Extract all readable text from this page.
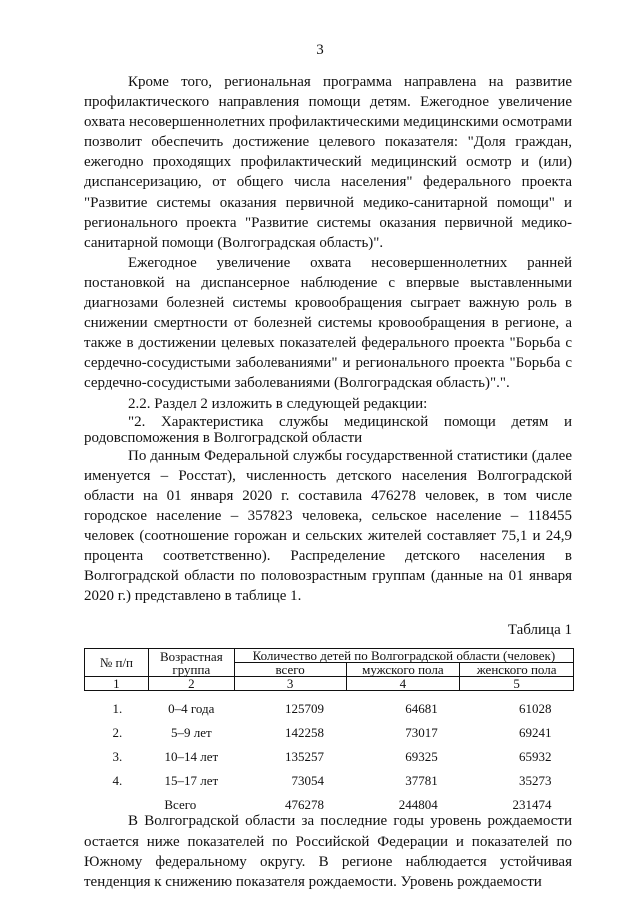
3

Кроме того, региональная программа направлена на развитие профилактического направления помощи детям. Ежегодное увеличение охвата несовершеннолетних профилактическими медицинскими осмотрами позволит обеспечить достижение целевого показателя: "Доля граждан, ежегодно проходящих профилактический медицинский осмотр и (или) диспансеризацию, от общего числа населения" федерального проекта "Развитие системы оказания первичной медико-санитарной помощи" и регионального проекта "Развитие системы оказания первичной медико-санитарной помощи (Волгоградская область)".

Ежегодное увеличение охвата несовершеннолетних ранней постановкой на диспансерное наблюдение с впервые выставленными диагнозами болезней системы кровообращения сыграет важную роль в снижении смертности от болезней системы кровообращения в регионе, а также в достижении целевых показателей федерального проекта "Борьба с сердечно-сосудистыми заболеваниями" и регионального проекта "Борьба с сердечно-сосудистыми заболеваниями (Волгоградская область)".".

2.2. Раздел 2 изложить в следующей редакции:

"2. Характеристика службы медицинской помощи детям и родовспоможения в Волгоградской области

По данным Федеральной службы государственной статистики (далее именуется – Росстат), численность детского населения Волгоградской области на 01 января 2020 г. составила 476278 человек, в том числе городское население – 357823 человека, сельское население – 118455 человек (соотношение горожан и сельских жителей составляет 75,1 и 24,9 процента соответственно). Распределение детского населения в Волгоградской области по половозрастным группам (данные на 01 января 2020 г.) представлено в таблице 1.

Таблица 1
№ п/п	Возрастная группа	Количество детей по Волгоградской области (человек)		
		всего	мужского пола	женского пола
1	2	3	4	5
1.	0–4 года	125709	64681	61028
2.	5–9 лет	142258	73017	69241
3.	10–14 лет	135257	69325	65932
4.	15–17 лет	73054	37781	35273
	Всего	476278	244804	231474

В Волгоградской области за последние годы уровень рождаемости остается ниже показателей по Российской Федерации и показателей по Южному федеральному округу. В регионе наблюдается устойчивая тенденция к снижению показателя рождаемости. Уровень рождаемости
